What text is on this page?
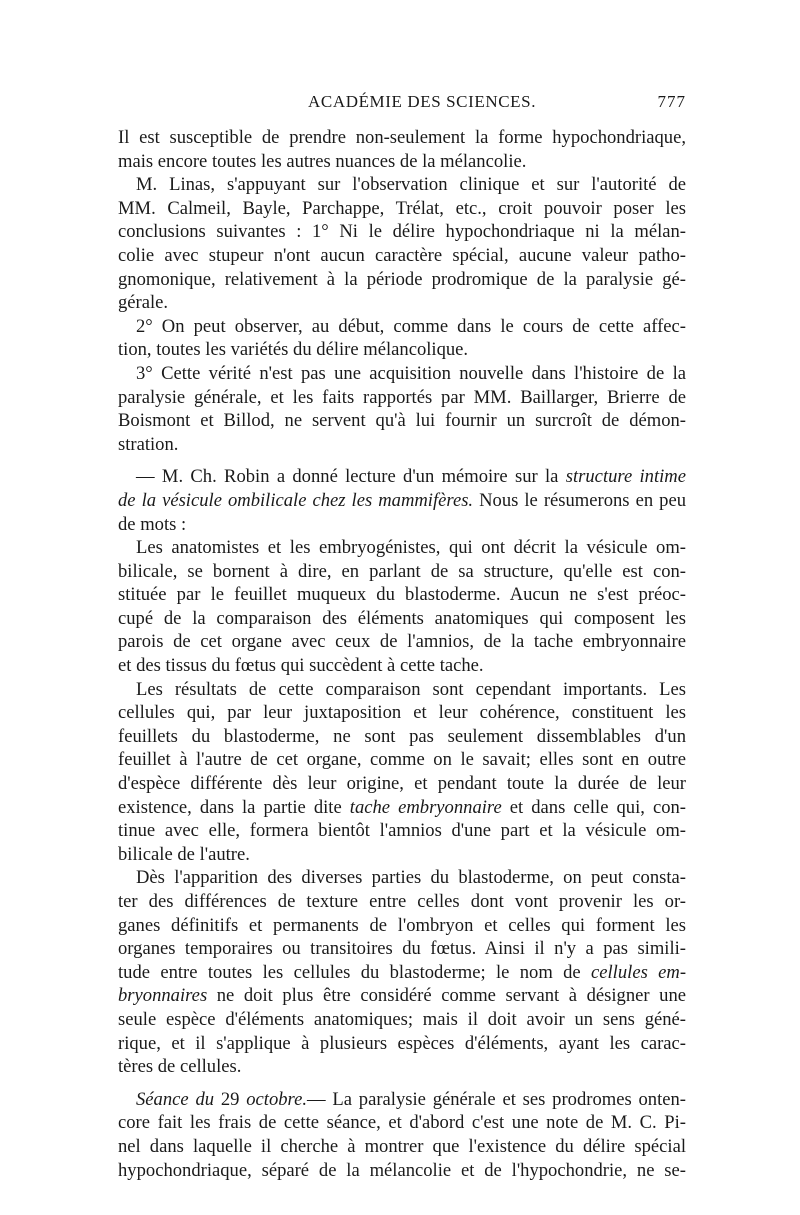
ACADÉMIE DES SCIENCES.	777
Il est susceptible de prendre non-seulement la forme hypochondriaque,
mais encore toutes les autres nuances de la mélancolie.
M. Linas, s'appuyant sur l'observation clinique et sur l'autorité de
MM. Calmeil, Bayle, Parchappe, Trélat, etc., croit pouvoir poser les
conclusions suivantes : 1° Ni le délire hypochondriaque ni la mélan-
colie avec stupeur n'ont aucun caractère spécial, aucune valeur patho-
gnomonique, relativement à la période prodromique de la paralysie gé-
gérale.
2° On peut observer, au début, comme dans le cours de cette affec-
tion, toutes les variétés du délire mélancolique.
3° Cette vérité n'est pas une acquisition nouvelle dans l'histoire de la
paralysie générale, et les faits rapportés par MM. Baillarger, Brierre de
Boismont et Billod, ne servent qu'à lui fournir un surcroît de démon-
stration.
— M. Ch. Robin a donné lecture d'un mémoire sur la structure intime
de la vésicule ombilicale chez les mammifères. Nous le résumerons en peu
de mots :
Les anatomistes et les embryogénistes, qui ont décrit la vésicule om-
bilicale, se bornent à dire, en parlant de sa structure, qu'elle est con-
stituée par le feuillet muqueux du blastoderme. Aucun ne s'est préoc-
cupé de la comparaison des éléments anatomiques qui composent les
parois de cet organe avec ceux de l'amnios, de la tache embryonnaire
et des tissus du fœtus qui succèdent à cette tache.
Les résultats de cette comparaison sont cependant importants. Les
cellules qui, par leur juxtaposition et leur cohérence, constituent les
feuillets du blastoderme, ne sont pas seulement dissemblables d'un
feuillet à l'autre de cet organe, comme on le savait; elles sont en outre
d'espèce différente dès leur origine, et pendant toute la durée de leur
existence, dans la partie dite tache embryonnaire et dans celle qui, con-
tinue avec elle, formera bientôt l'amnios d'une part et la vésicule om-
bilicale de l'autre.
Dès l'apparition des diverses parties du blastoderme, on peut consta-
ter des différences de texture entre celles dont vont provenir les or-
ganes définitifs et permanents de l'ombryon et celles qui forment les
organes temporaires ou transitoires du fœtus. Ainsi il n'y a pas simili-
tude entre toutes les cellules du blastoderme; le nom de cellules em-
bryonnaires ne doit plus être considéré comme servant à désigner une
seule espèce d'éléments anatomiques; mais il doit avoir un sens géné-
rique, et il s'applique à plusieurs espèces d'éléments, ayant les carac-
tères de cellules.
Séance du 29 octobre.— La paralysie générale et ses prodromes onten-
core fait les frais de cette séance, et d'abord c'est une note de M. C. Pi-
nel dans laquelle il cherche à montrer que l'existence du délire spécial
hypochondriaque, séparé de la mélancolie et de l'hypochondrie, ne se-
